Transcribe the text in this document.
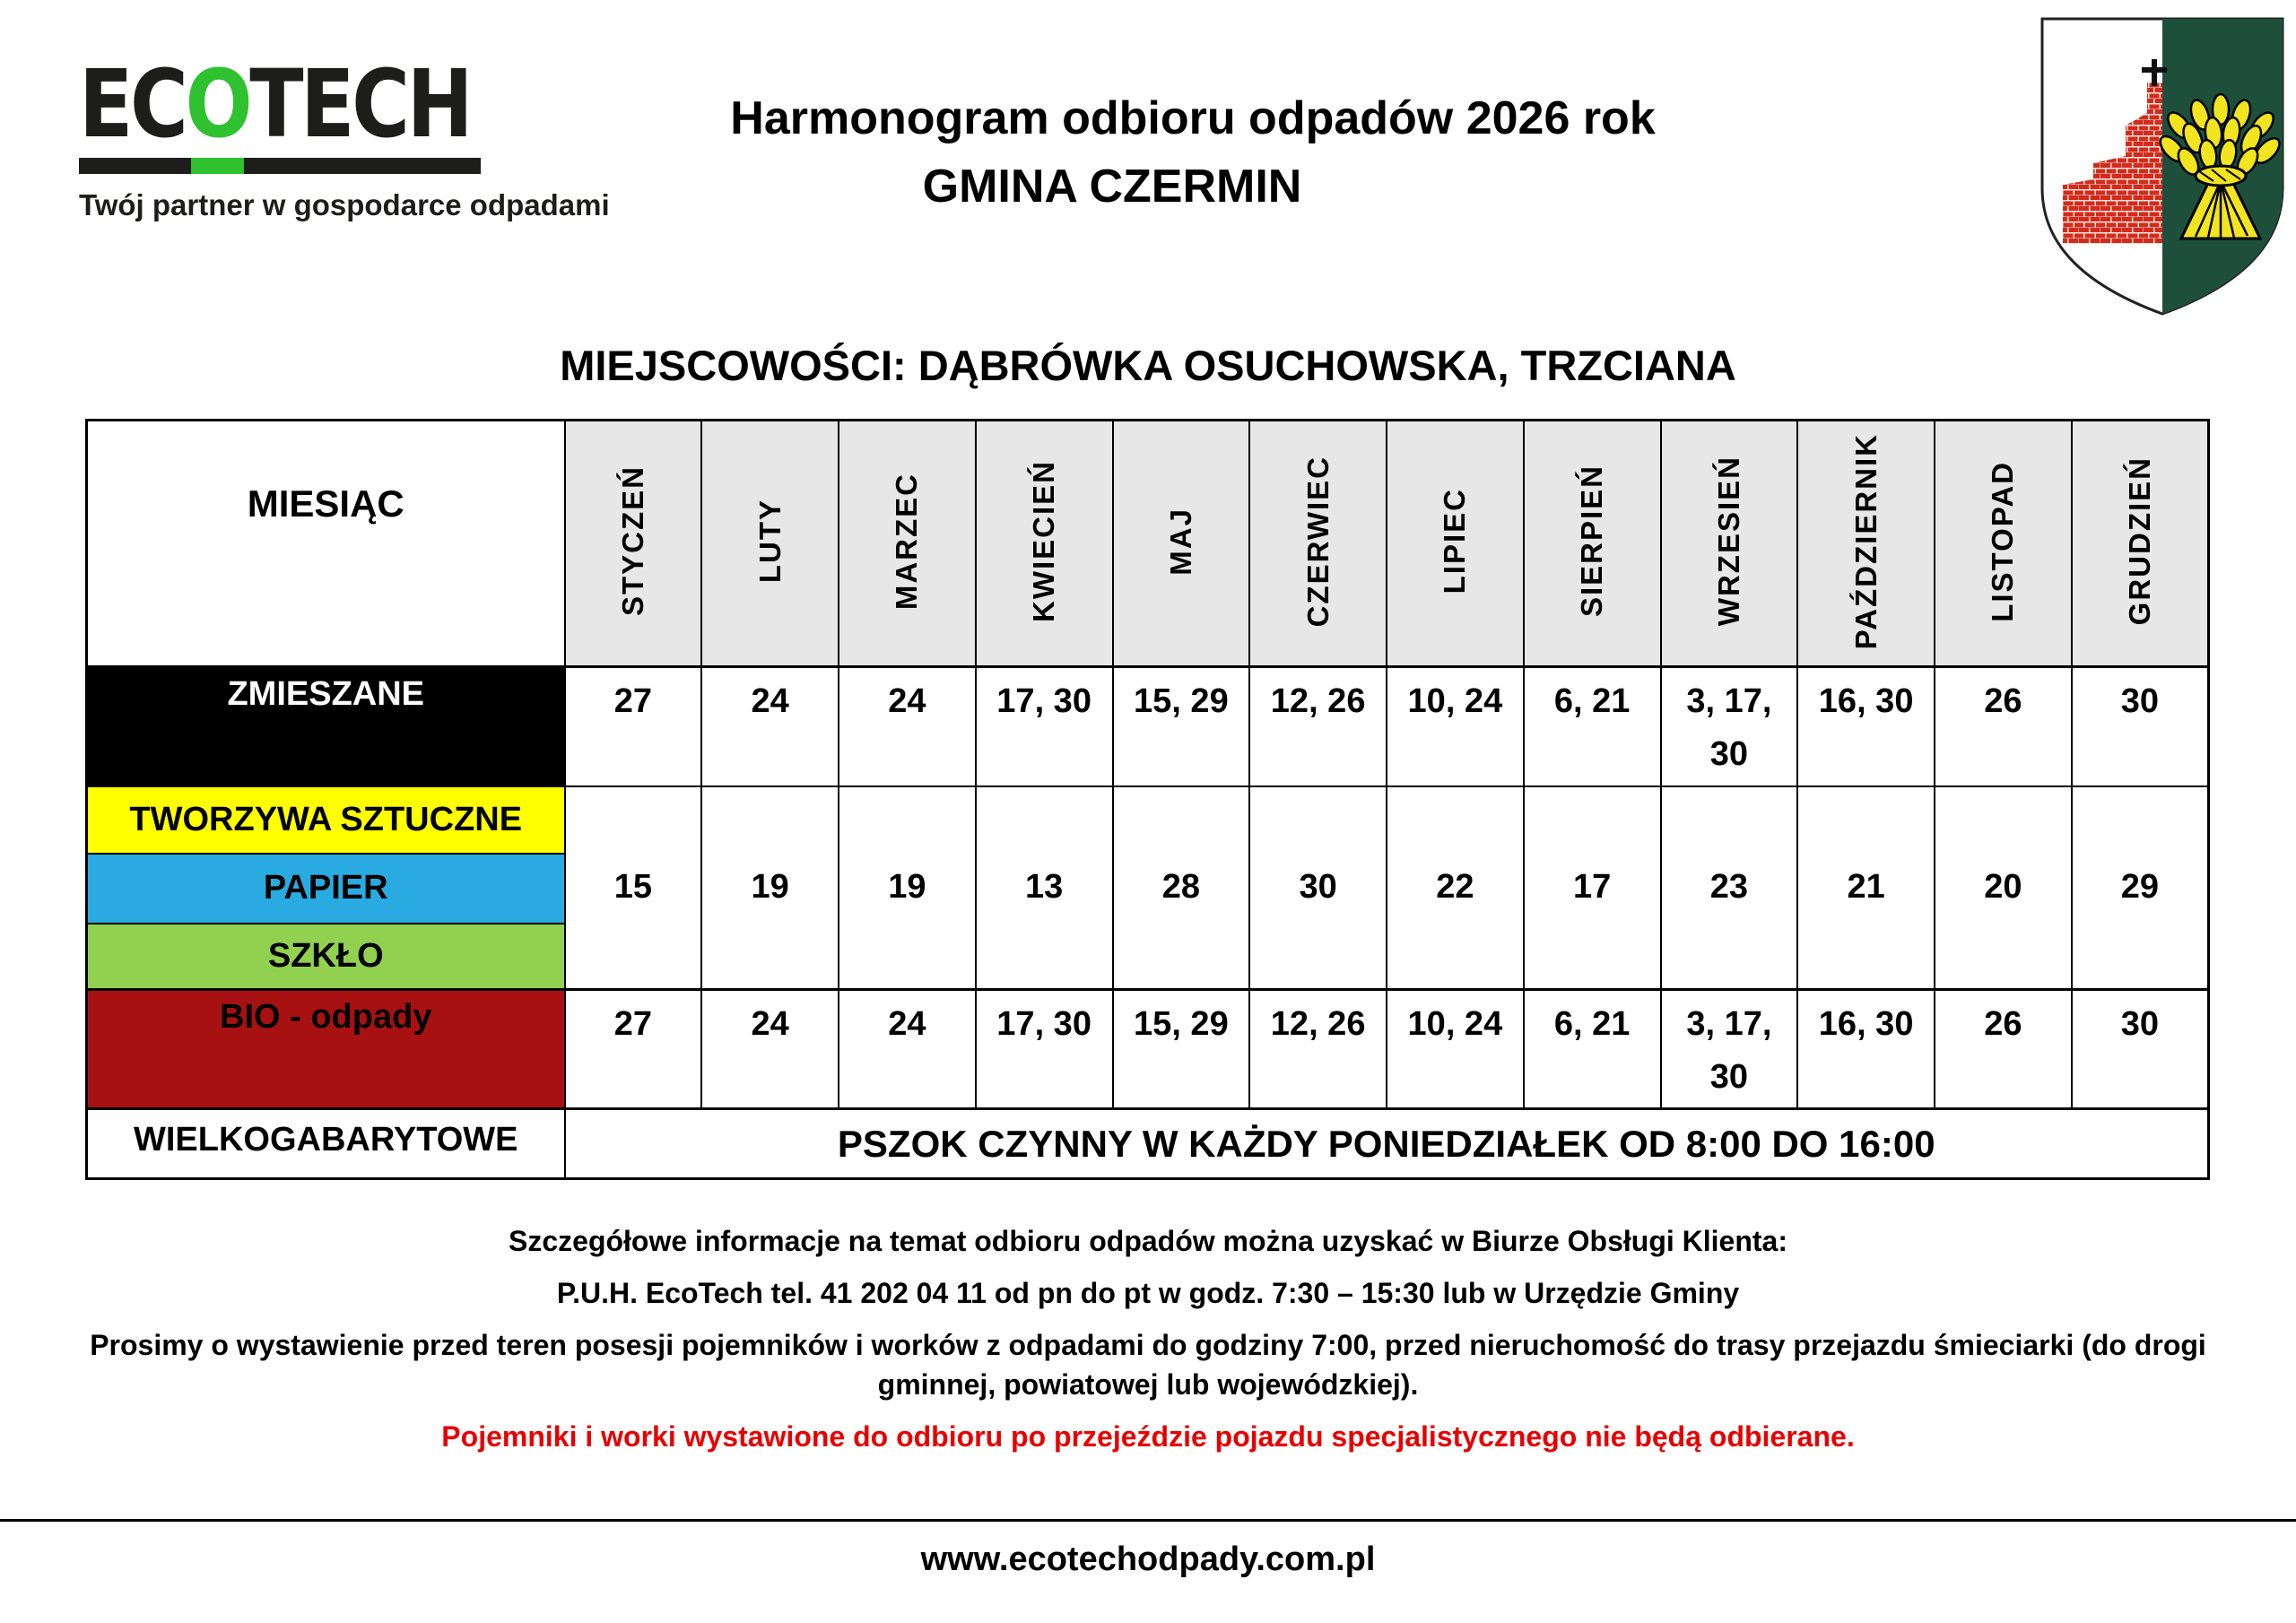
ECOTECH
Twój partner w gospodarce odpadami
Harmonogram odbioru odpadów 2026 rok
GMINA CZERMIN
MIEJSCOWOŚCI: DĄBRÓWKA OSUCHOWSKA, TRZCIANA
MIESIĄC	STYCZEŃ	LUTY	MARZEC	KWIECIEŃ	MAJ	CZERWIEC	LIPIEC	SIERPIEŃ	WRZESIEŃ	PAŹDZIERNIK	LISTOPAD	GRUDZIEŃ
ZMIESZANE	27	24	24	17, 30	15, 29	12, 26	10, 24	6, 21	3, 17, 30	16, 30	26	30
TWORZYWA SZTUCZNE	15	19	19	13	28	30	22	17	23	21	20	29
PAPIER												
SZKŁO												
BIO - odpady	27	24	24	17, 30	15, 29	12, 26	10, 24	6, 21	3, 17, 30	16, 30	26	30
WIELKOGABARYTOWE	PSZOK CZYNNY W KAŻDY PONIEDZIAŁEK OD 8:00 DO 16:00											

Szczegółowe informacje na temat odbioru odpadów można uzyskać w Biurze Obsługi Klienta:

P.U.H. EcoTech tel. 41 202 04 11 od pn do pt w godz. 7:30 – 15:30 lub w Urzędzie Gminy

Prosimy o wystawienie przed teren posesji pojemników i worków z odpadami do godziny 7:00, przed nieruchomość do trasy przejazdu śmieciarki (do drogi gminnej, powiatowej lub wojewódzkiej).

Pojemniki i worki wystawione do odbioru po przejeździe pojazdu specjalistycznego nie będą odbierane.

www.ecotechodpady.com.pl
